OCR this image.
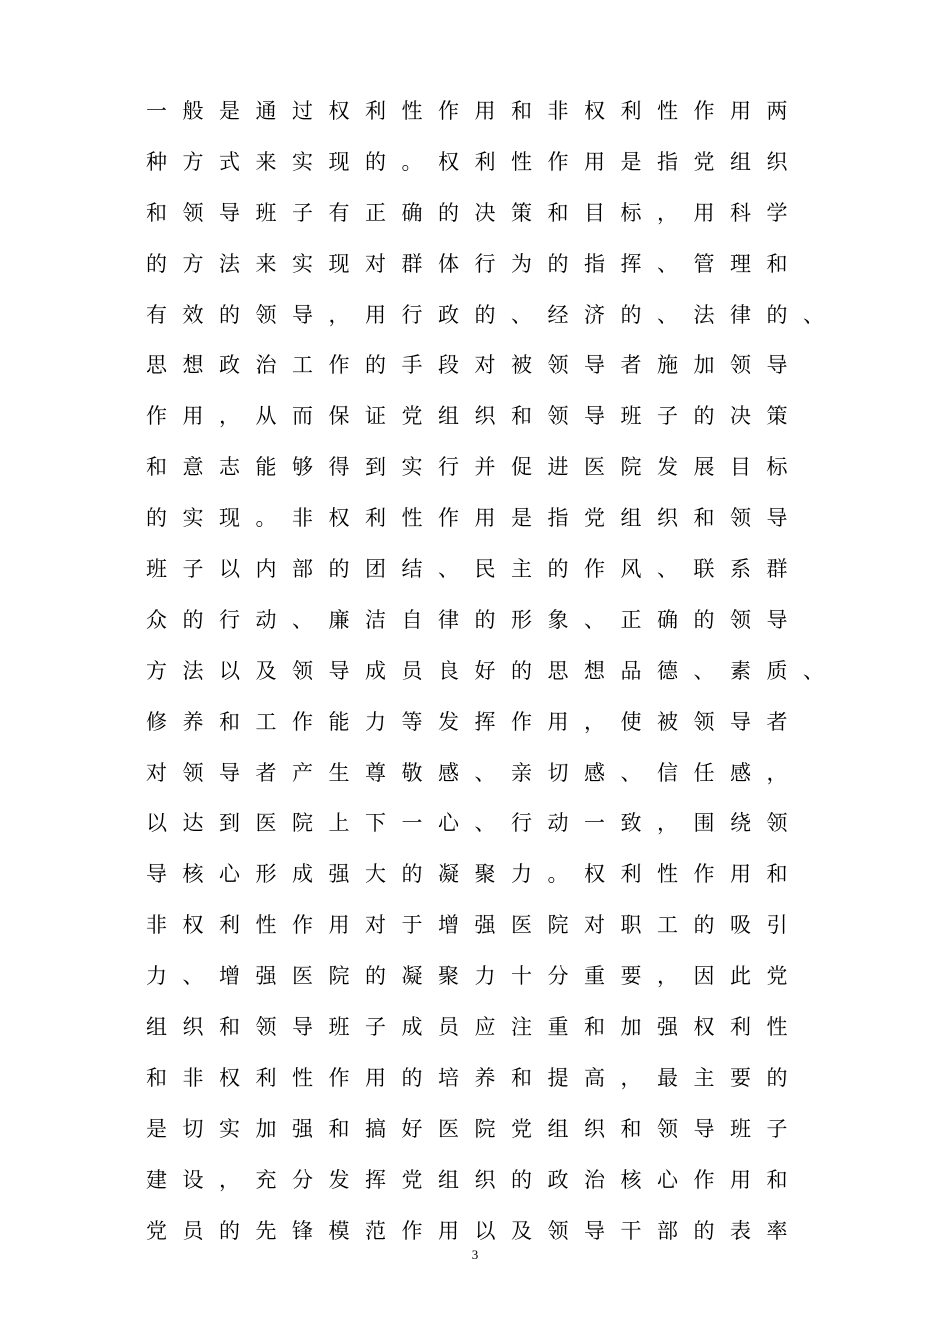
一般是通过权利性作用和非权利性作用两
种方式来实现的。权利性作用是指党组织
和领导班子有正确的决策和目标，用科学
的方法来实现对群体行为的指挥、管理和
有效的领导，用行政的、经济的、法律的、
思想政治工作的手段对被领导者施加领导
作用，从而保证党组织和领导班子的决策
和意志能够得到实行并促进医院发展目标
的实现。非权利性作用是指党组织和领导
班子以内部的团结、民主的作风、联系群
众的行动、廉洁自律的形象、正确的领导
方法以及领导成员良好的思想品德、素质、
修养和工作能力等发挥作用，使被领导者
对领导者产生尊敬感、亲切感、信任感，
以达到医院上下一心、行动一致，围绕领
导核心形成强大的凝聚力。权利性作用和
非权利性作用对于增强医院对职工的吸引
力、增强医院的凝聚力十分重要，因此党
组织和领导班子成员应注重和加强权利性
和非权利性作用的培养和提高，最主要的
是切实加强和搞好医院党组织和领导班子
建设，充分发挥党组织的政治核心作用和
党员的先锋模范作用以及领导干部的表率
3
